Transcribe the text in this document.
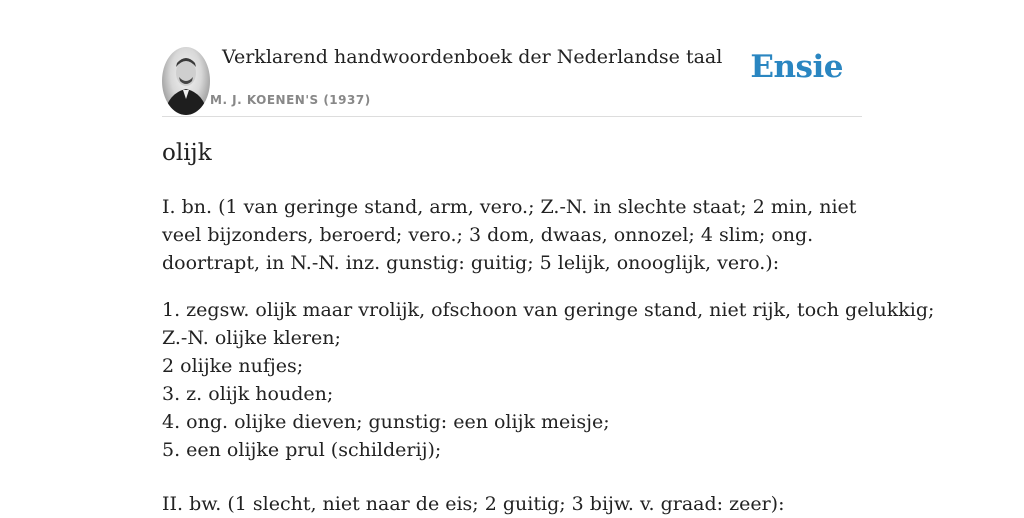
Verklarend handwoordenboek der Nederlandse taal
M. J. KOENEN'S (1937)
Ensie
olijk

I. bn. (1 van geringe stand, arm, vero.; Z.-N. in slechte staat; 2 min, niet veel bijzonders, beroerd; vero.; 3 dom, dwaas, onnozel; 4 slim; ong. doortrapt, in N.-N. inz. gunstig: guitig; 5 lelijk, onooglijk, vero.):

1. zegsw. olijk maar vrolijk, ofschoon van geringe stand, niet rijk, toch gelukkig;
Z.-N. olijke kleren;
2 olijke nufjes;
3. z. olijk houden;
4. ong. olijke dieven; gunstig: een olijk meisje;
5. een olijke prul (schilderij);

II. bw. (1 slecht, niet naar de eis; 2 guitig; 3 bijw. v. graad: zeer):
